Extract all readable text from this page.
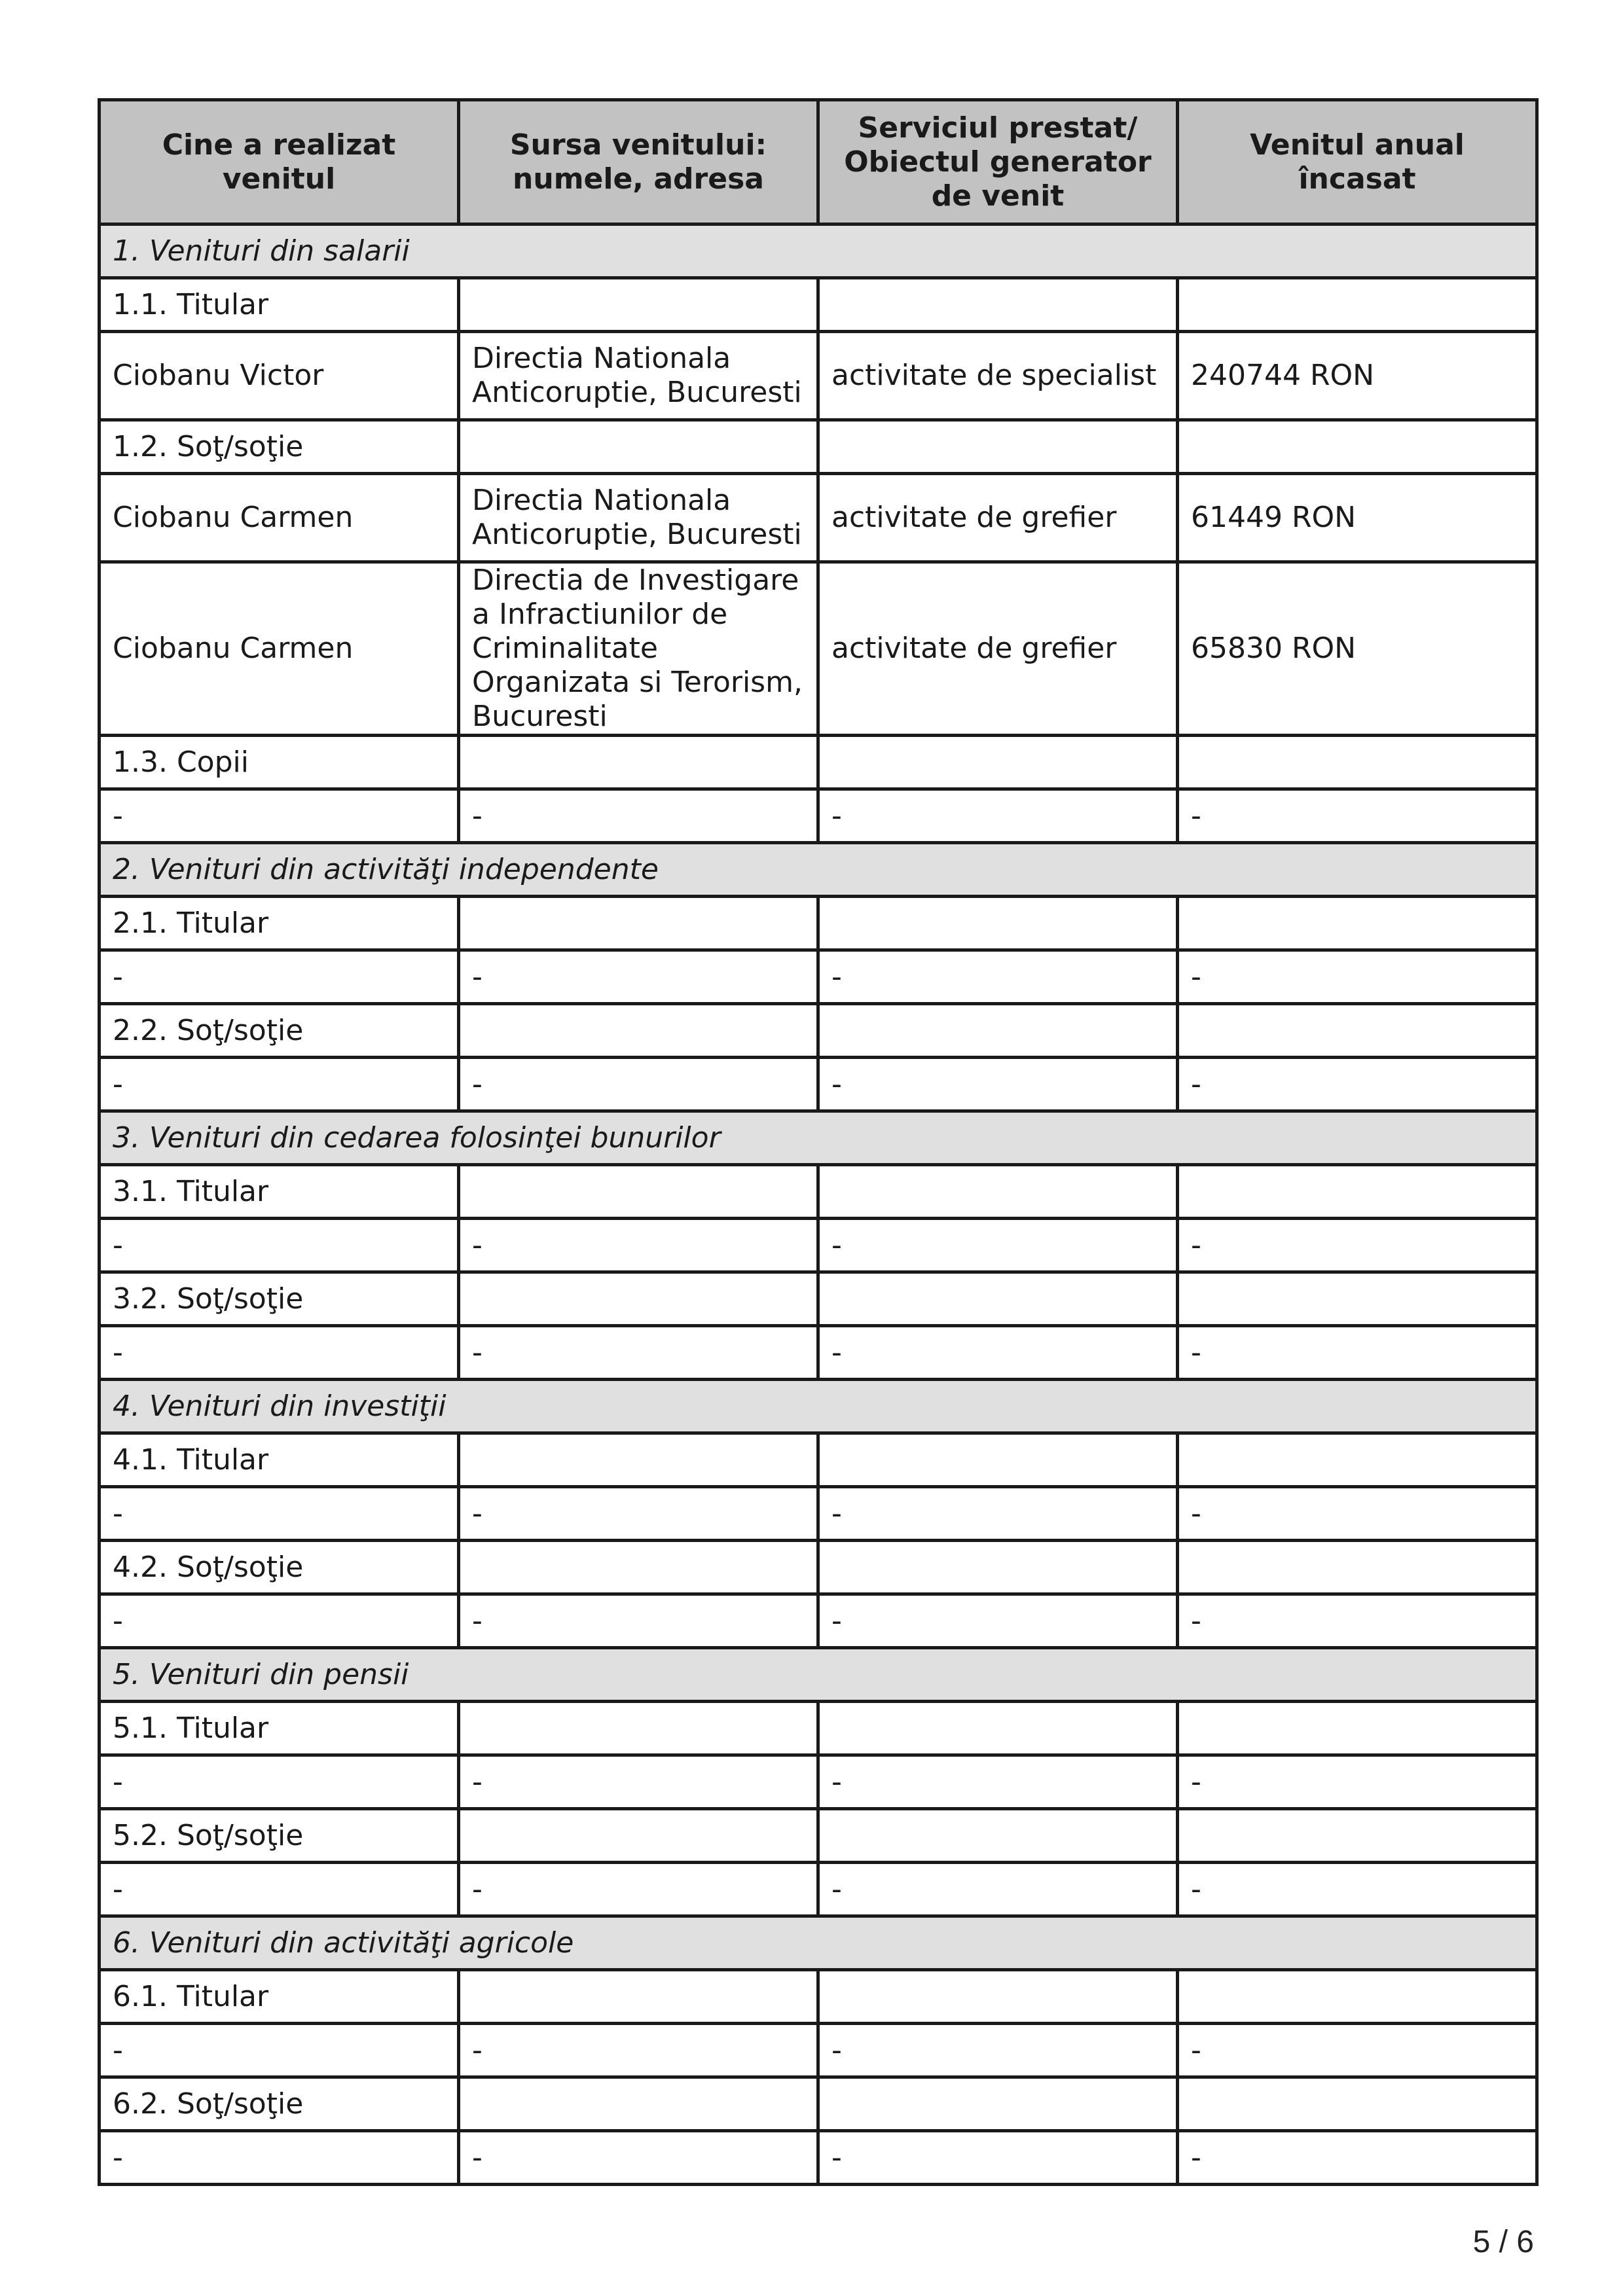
Cine a realizat venitul	Sursa venitului: numele, adresa	Serviciul prestat/ Obiectul generator de venit	Venitul anual încasat
1. Venituri din salarii			
1.1. Titular			
Ciobanu Victor	Directia Nationala Anticoruptie, Bucuresti	activitate de specialist	240744 RON
1.2. Soţ/soţie			
Ciobanu Carmen	Directia Nationala Anticoruptie, Bucuresti	activitate de grefier	61449 RON
Ciobanu Carmen	Directia de Investigare a Infractiunilor de Criminalitate Organizata si Terorism, Bucuresti	activitate de grefier	65830 RON
1.3. Copii			
-	-	-	-
2. Venituri din activităţi independente			
2.1. Titular			
-	-	-	-
2.2. Soţ/soţie			
-	-	-	-
3. Venituri din cedarea folosinţei bunurilor			
3.1. Titular			
-	-	-	-
3.2. Soţ/soţie			
-	-	-	-
4. Venituri din investiţii			
4.1. Titular			
-	-	-	-
4.2. Soţ/soţie			
-	-	-	-
5. Venituri din pensii			
5.1. Titular			
-	-	-	-
5.2. Soţ/soţie			
-	-	-	-
6. Venituri din activităţi agricole			
6.1. Titular			
-	-	-	-
6.2. Soţ/soţie			
-	-	-	-
5 / 6
